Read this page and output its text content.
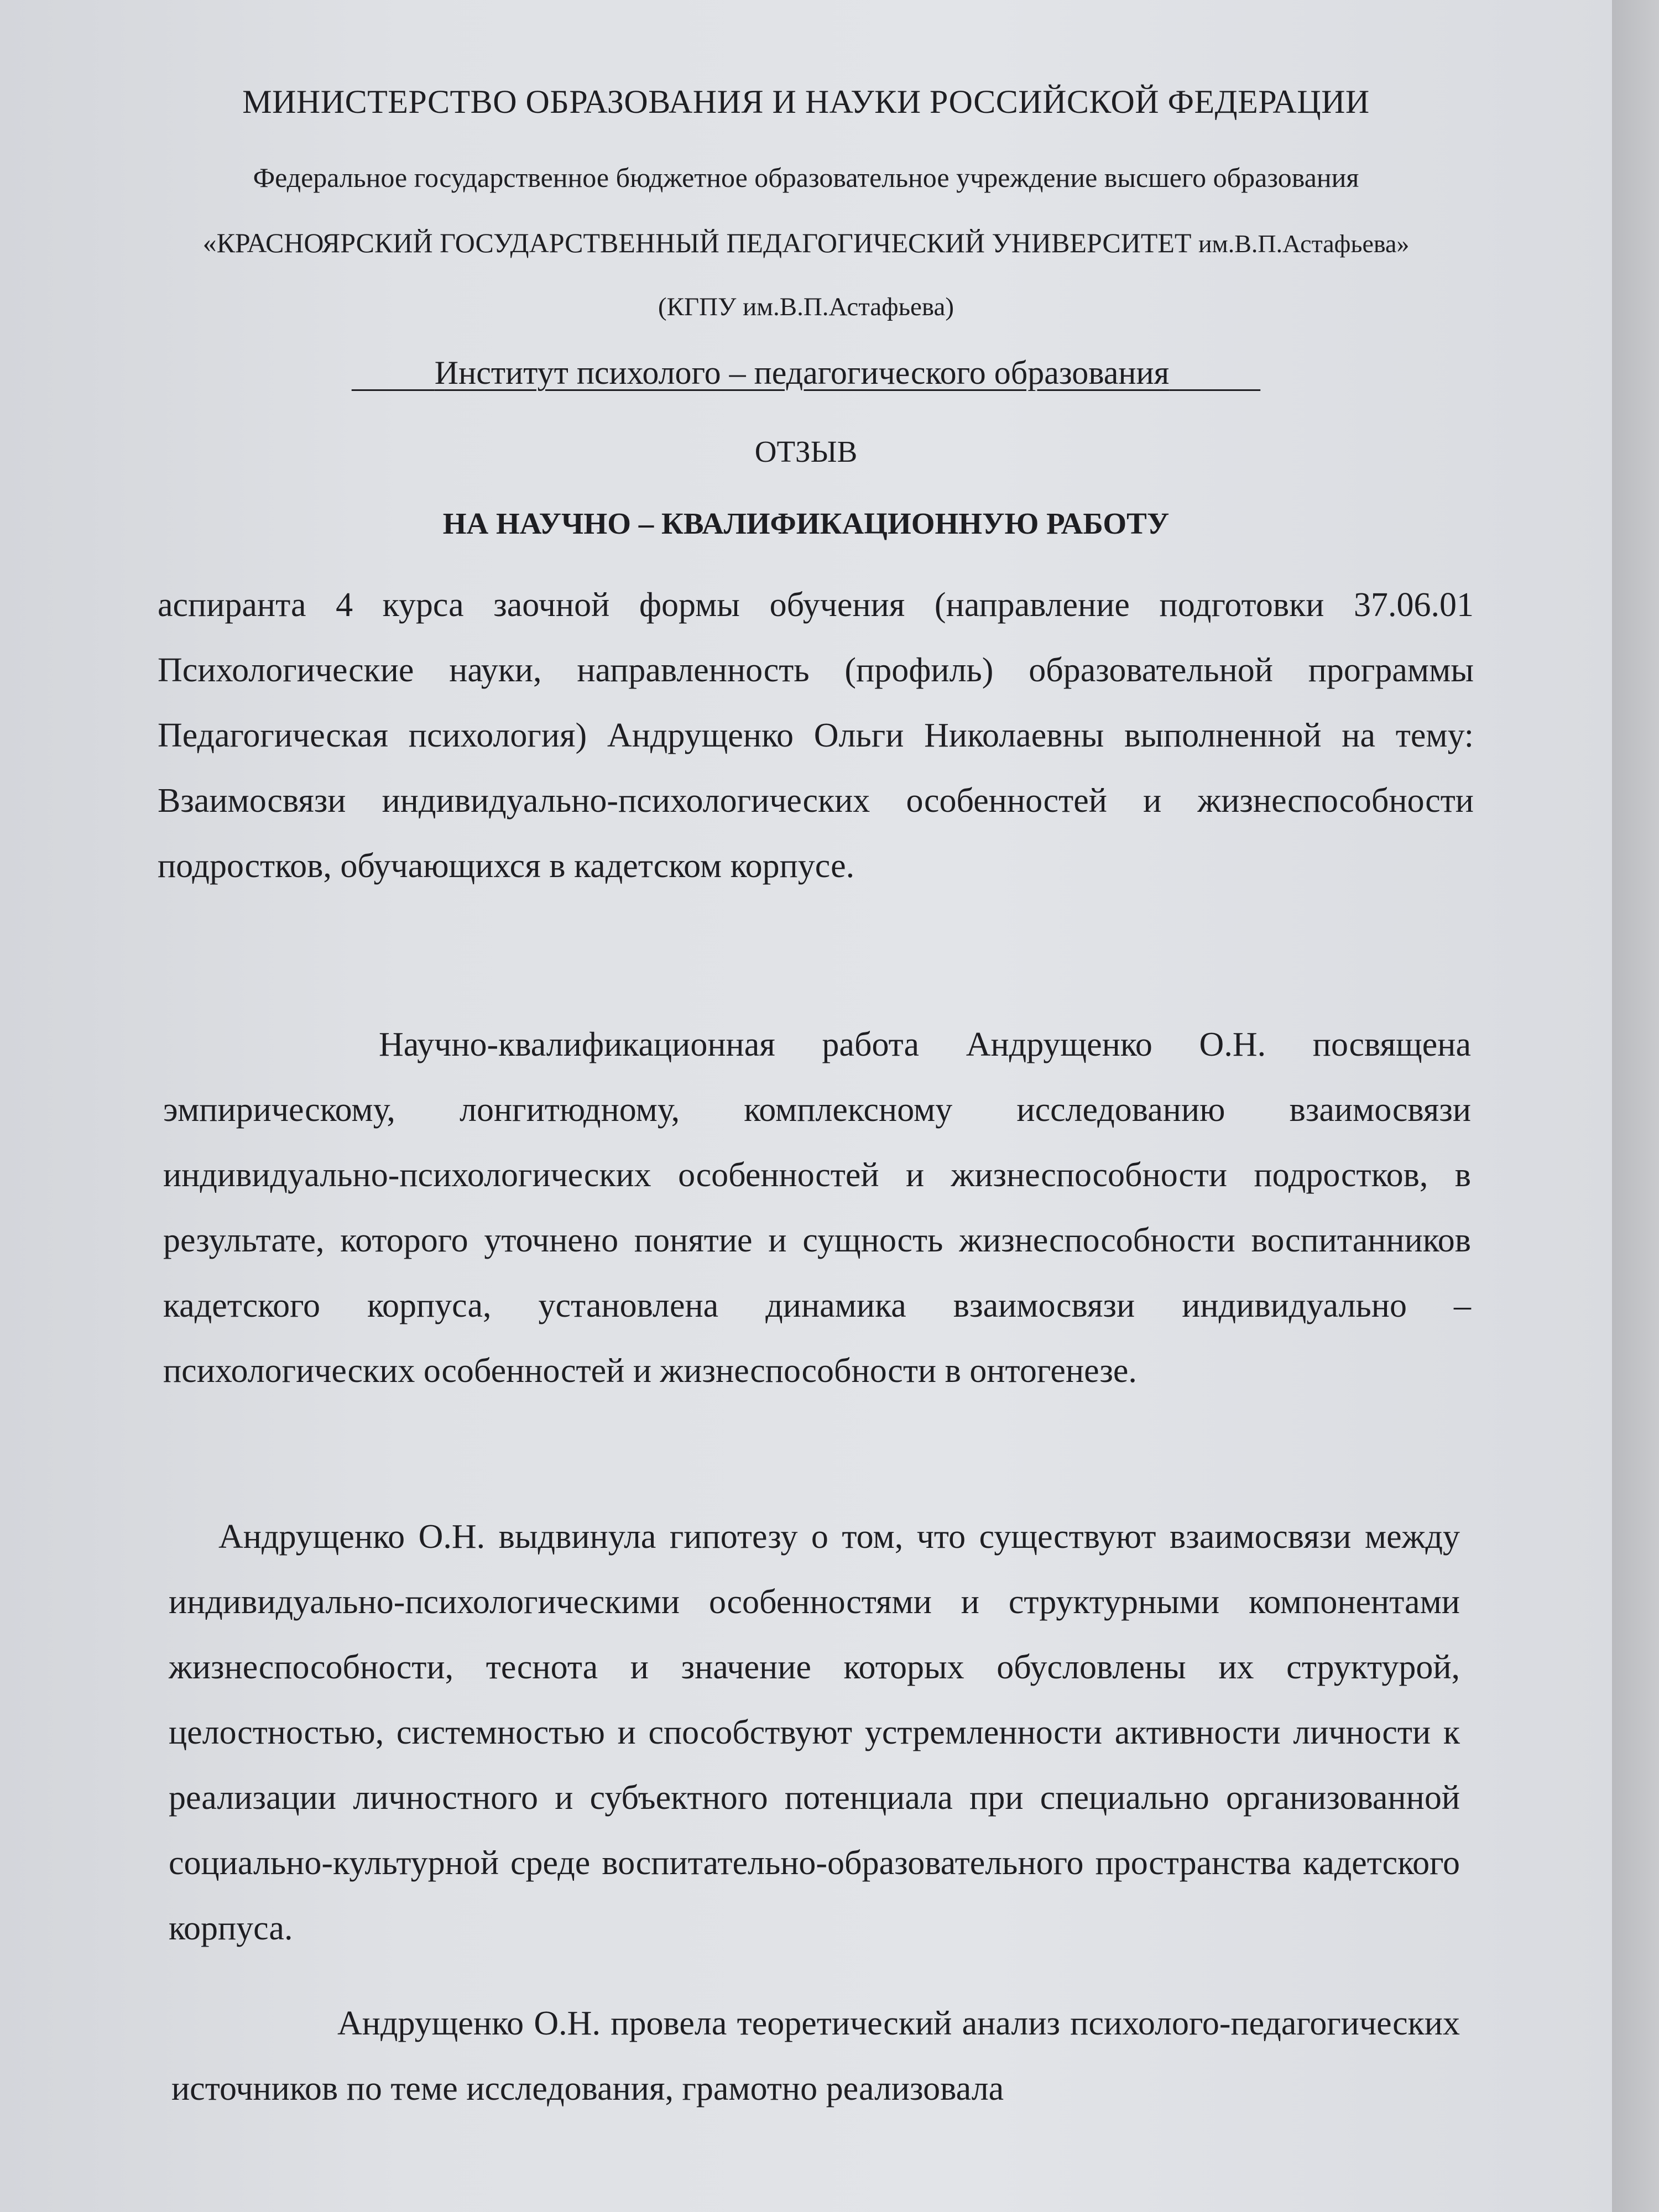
МИНИСТЕРСТВО ОБРАЗОВАНИЯ И НАУКИ РОССИЙСКОЙ ФЕДЕРАЦИИ
Федеральное государственное бюджетное образовательное учреждение высшего образования
«КРАСНОЯРСКИЙ ГОСУДАРСТВЕННЫЙ ПЕДАГОГИЧЕСКИЙ УНИВЕРСИТЕТ им.В.П.Астафьева»
(КГПУ им.В.П.Астафьева)
Институт психолого – педагогического образования
ОТЗЫВ
НА НАУЧНО – КВАЛИФИКАЦИОННУЮ РАБОТУ

аспиранта 4 курса заочной формы обучения (направление подготовки 37.06.01 Психологические науки, направленность (профиль) образовательной программы Педагогическая психология) Андрущенко Ольги Николаевны выполненной на тему: Взаимосвязи индивидуально-психологических особенностей и жизнеспособности подростков, обучающихся в кадетском корпусе.

Научно-квалификационная работа Андрущенко О.Н. посвящена эмпирическому, лонгитюдному, комплексному исследованию взаимосвязи индивидуально-психологических особенностей и жизнеспособности подростков, в результате, которого уточнено понятие и сущность жизнеспособности воспитанников кадетского корпуса, установлена динамика взаимосвязи индивидуально – психологических особенностей и жизнеспособности в онтогенезе.

Андрущенко О.Н. выдвинула гипотезу о том, что существуют взаимосвязи между индивидуально-психологическими особенностями и структурными компонентами жизнеспособности, теснота и значение которых обусловлены их структурой, целостностью, системностью и способствуют устремленности активности личности к реализации личностного и субъектного потенциала при специально организованной социально-культурной среде воспитательно-образовательного пространства кадетского корпуса.

Андрущенко О.Н. провела теоретический анализ психолого-педагогических источников по теме исследования, грамотно реализовала
